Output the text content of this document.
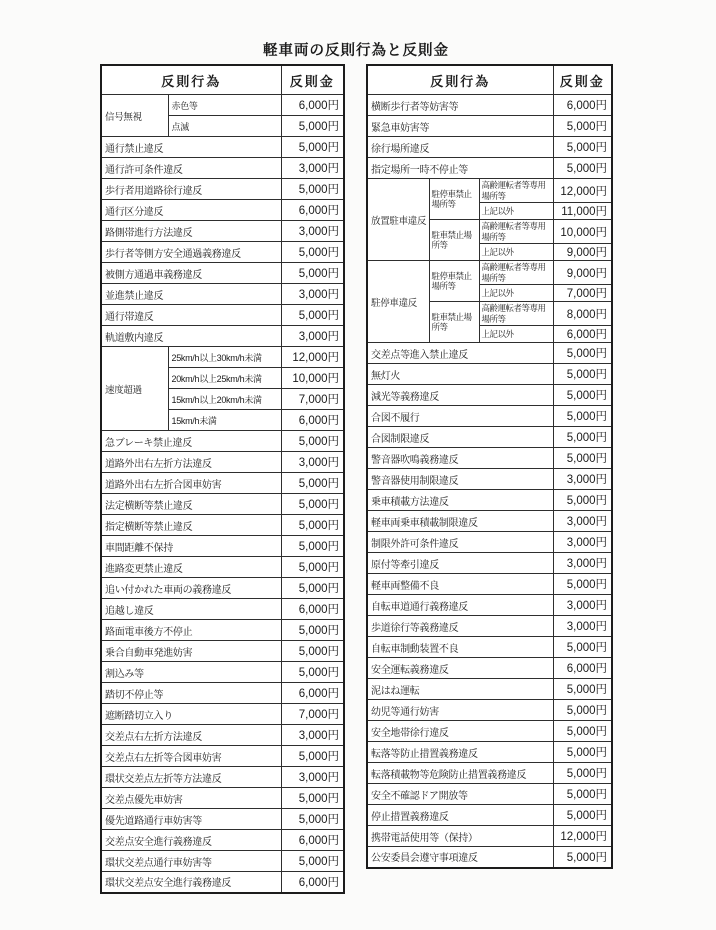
軽車両の反則行為と反則金
反則行為		反則金
信号無視	赤色等	6,000円
	点滅	5,000円
通行禁止違反		5,000円
通行許可条件違反		3,000円
歩行者用道路徐行違反		5,000円
通行区分違反		6,000円
路側帯進行方法違反		3,000円
歩行者等側方安全通過義務違反		5,000円
被側方通過車義務違反		5,000円
並進禁止違反		3,000円
通行帯違反		5,000円
軌道敷内違反		3,000円
速度超過	25km/h以上30km/h未満	12,000円
	20km/h以上25km/h未満	10,000円
	15km/h以上20km/h未満	7,000円
	15km/h未満	6,000円
急ブレーキ禁止違反		5,000円
道路外出右左折方法違反		3,000円
道路外出右左折合図車妨害		5,000円
法定横断等禁止違反		5,000円
指定横断等禁止違反		5,000円
車間距離不保持		5,000円
進路変更禁止違反		5,000円
追い付かれた車両の義務違反		5,000円
追越し違反		6,000円
路面電車後方不停止		5,000円
乗合自動車発進妨害		5,000円
割込み等		5,000円
踏切不停止等		6,000円
遮断踏切立入り		7,000円
交差点右左折方法違反		3,000円
交差点右左折等合図車妨害		5,000円
環状交差点左折等方法違反		3,000円
交差点優先車妨害		5,000円
優先道路通行車妨害等		5,000円
交差点安全進行義務違反		6,000円
環状交差点通行車妨害等		5,000円
環状交差点安全進行義務違反		6,000円
反則行為			反則金
横断歩行者等妨害等			6,000円
緊急車妨害等			5,000円
徐行場所違反			5,000円
指定場所一時不停止等			5,000円
放置駐車違反	駐停車禁止場所等	高齢運転者等専用場所等	12,000円
		上記以外	11,000円
	駐車禁止場所等	高齢運転者等専用場所等	10,000円
		上記以外	9,000円
駐停車違反	駐停車禁止場所等	高齢運転者等専用場所等	9,000円
		上記以外	7,000円
	駐車禁止場所等	高齢運転者等専用場所等	8,000円
		上記以外	6,000円
交差点等進入禁止違反			5,000円
無灯火			5,000円
減光等義務違反			5,000円
合図不履行			5,000円
合図制限違反			5,000円
警音器吹鳴義務違反			5,000円
警音器使用制限違反			3,000円
乗車積載方法違反			5,000円
軽車両乗車積載制限違反			3,000円
制限外許可条件違反			3,000円
原付等牽引違反			3,000円
軽車両整備不良			5,000円
自転車道通行義務違反			3,000円
歩道徐行等義務違反			3,000円
自転車制動装置不良			5,000円
安全運転義務違反			6,000円
泥はね運転			5,000円
幼児等通行妨害			5,000円
安全地帯徐行違反			5,000円
転落等防止措置義務違反			5,000円
転落積載物等危険防止措置義務違反			5,000円
安全不確認ドア開放等			5,000円
停止措置義務違反			5,000円
携帯電話使用等（保持）			12,000円
公安委員会遵守事項違反			5,000円
